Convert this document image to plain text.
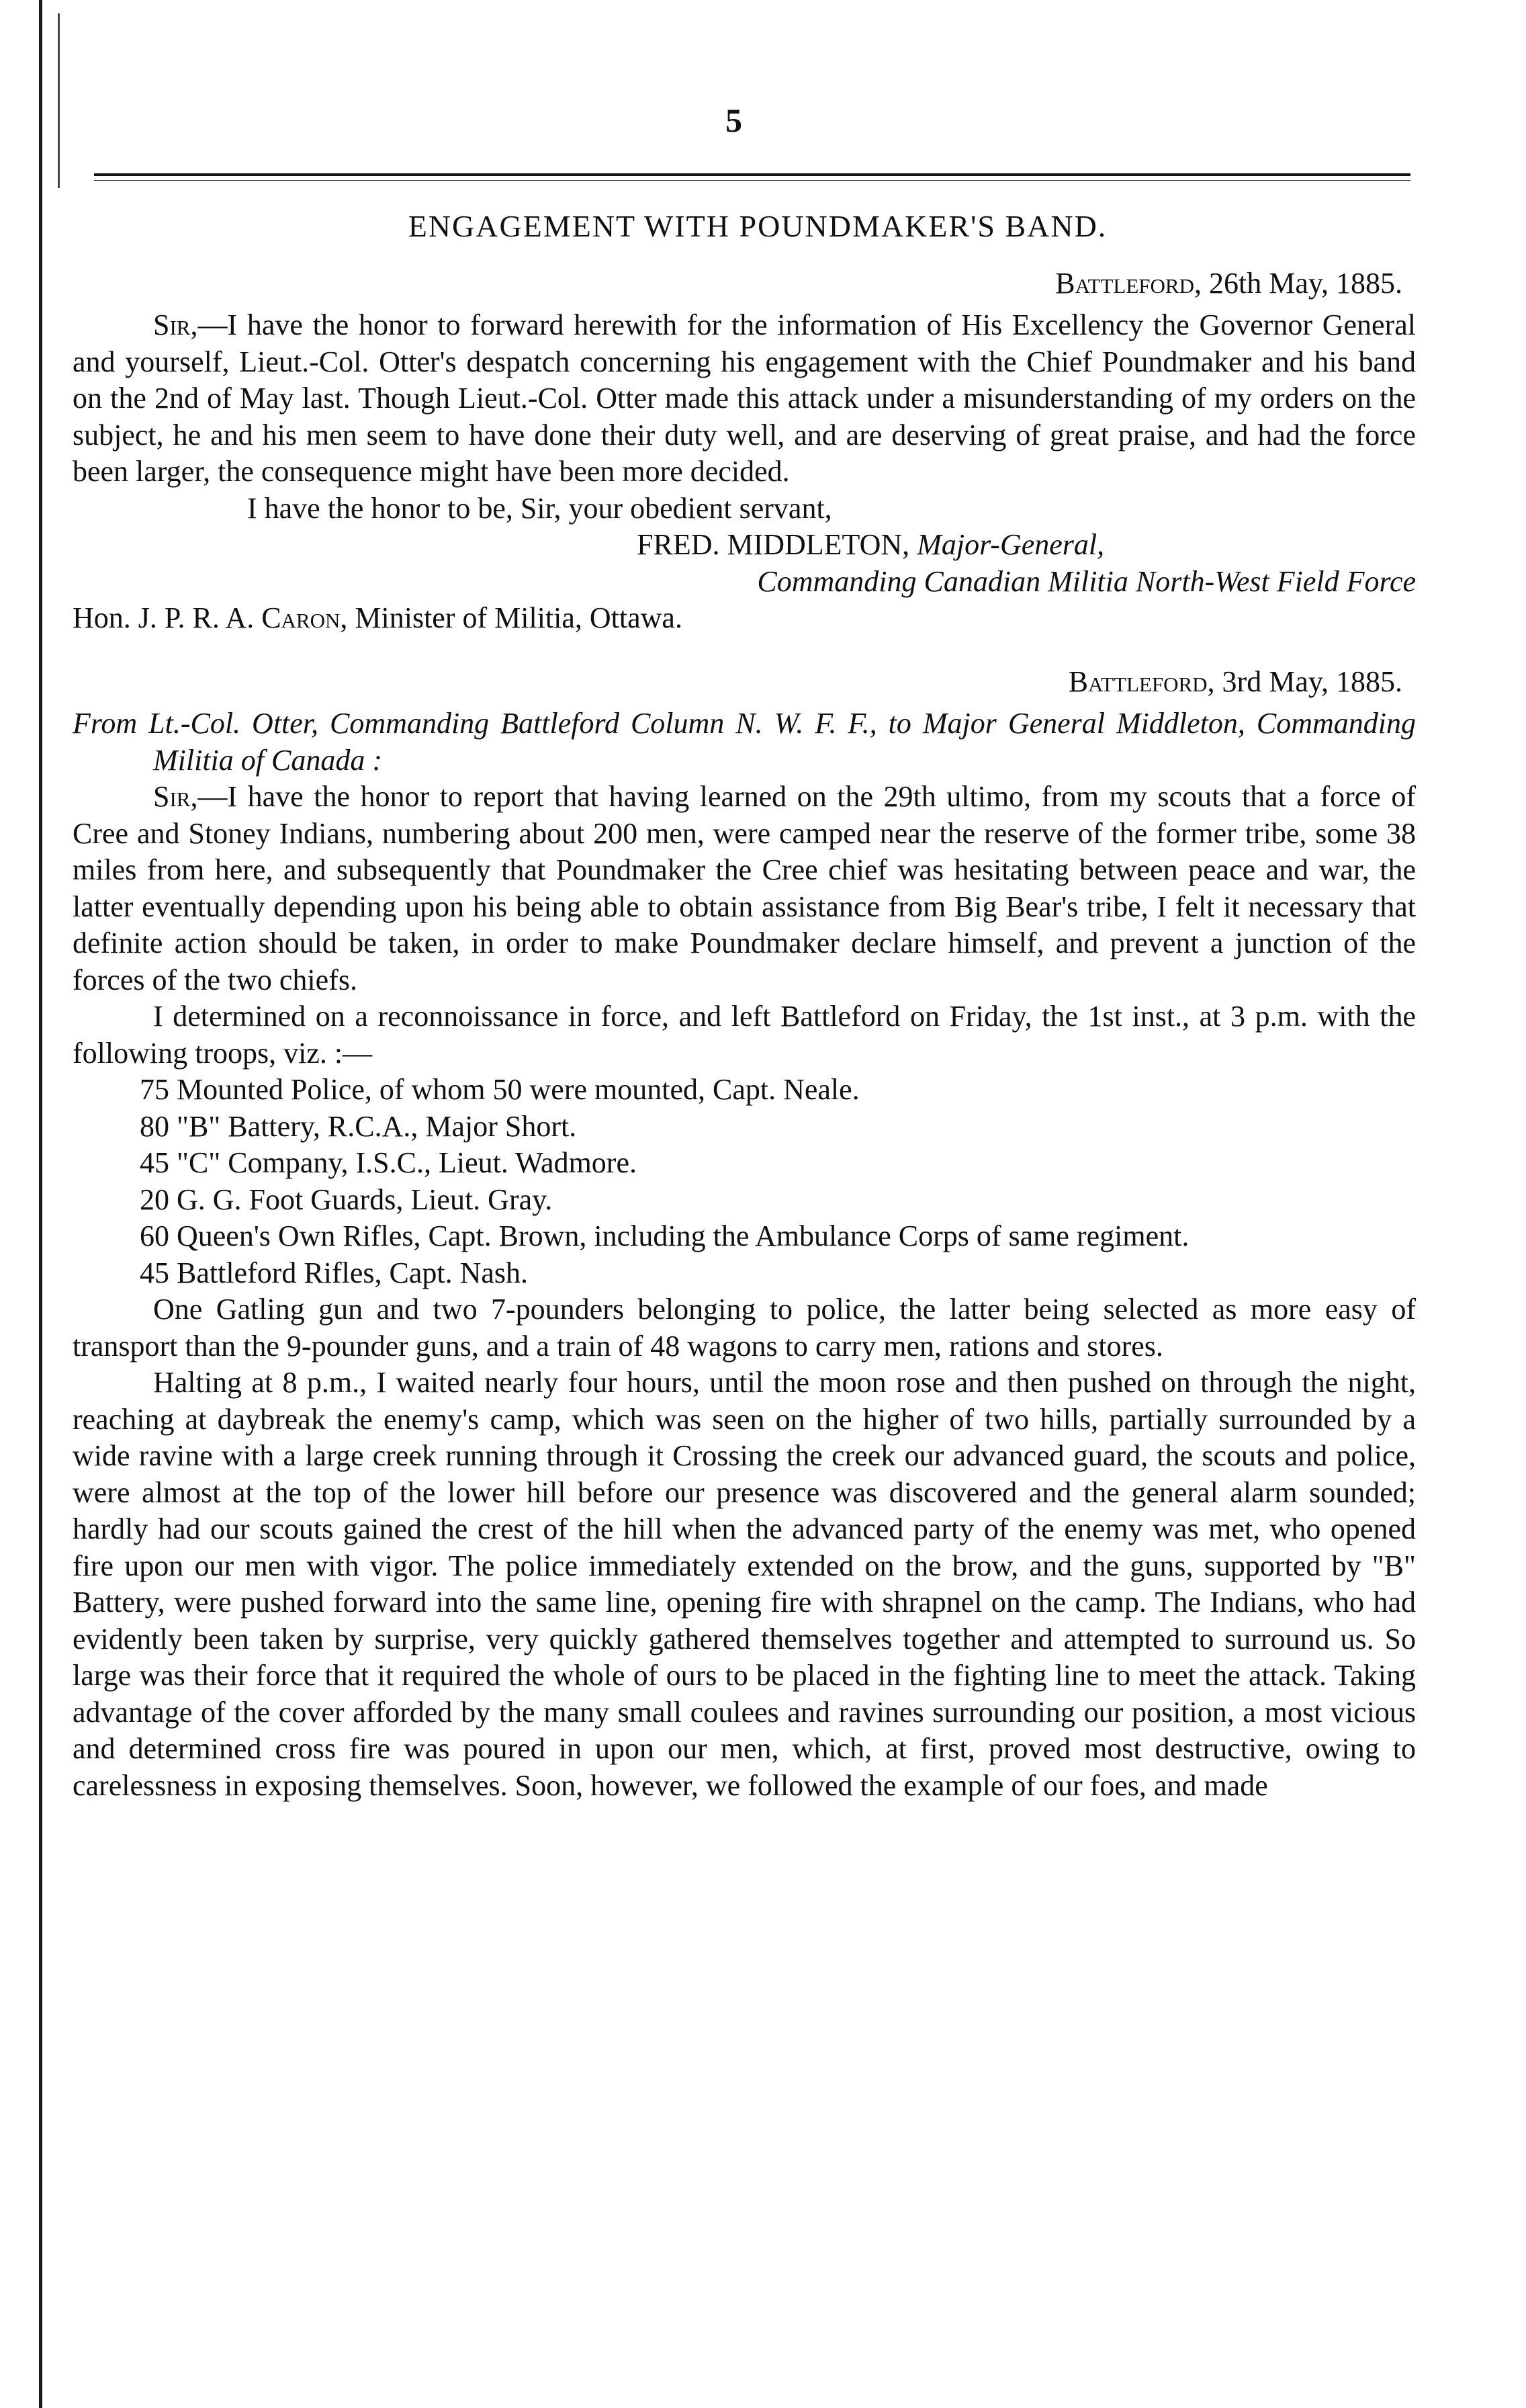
5
ENGAGEMENT WITH POUNDMAKER'S BAND.
Battleford, 26th May, 1885.
Sir,—I have the honor to forward herewith for the information of His Excellency the Governor General and yourself, Lieut.-Col. Otter's despatch concerning his engagement with the Chief Poundmaker and his band on the 2nd of May last. Though Lieut.-Col. Otter made this attack under a misunderstanding of my orders on the subject, he and his men seem to have done their duty well, and are deserving of great praise, and had the force been larger, the consequence might have been more decided.
I have the honor to be, Sir, your obedient servant,
FRED. MIDDLETON, Major-General,
Commanding Canadian Militia North-West Field Force
Hon. J. P. R. A. Caron, Minister of Militia, Ottawa.
Battleford, 3rd May, 1885.
From Lt.-Col. Otter, Commanding Battleford Column N. W. F. F., to Major General Middleton, Commanding Militia of Canada :
Sir,—I have the honor to report that having learned on the 29th ultimo, from my scouts that a force of Cree and Stoney Indians, numbering about 200 men, were camped near the reserve of the former tribe, some 38 miles from here, and subsequently that Poundmaker the Cree chief was hesitating between peace and war, the latter eventually depending upon his being able to obtain assistance from Big Bear's tribe, I felt it necessary that definite action should be taken, in order to make Poundmaker declare himself, and prevent a junction of the forces of the two chiefs.
I determined on a reconnoissance in force, and left Battleford on Friday, the 1st inst., at 3 p.m. with the following troops, viz. :—
75 Mounted Police, of whom 50 were mounted, Capt. Neale.
80 "B" Battery, R.C.A., Major Short.
45 "C" Company, I.S.C., Lieut. Wadmore.
20 G. G. Foot Guards, Lieut. Gray.
60 Queen's Own Rifles, Capt. Brown, including the Ambulance Corps of same regiment.
45 Battleford Rifles, Capt. Nash.
One Gatling gun and two 7-pounders belonging to police, the latter being selected as more easy of transport than the 9-pounder guns, and a train of 48 wagons to carry men, rations and stores.
Halting at 8 p.m., I waited nearly four hours, until the moon rose and then pushed on through the night, reaching at daybreak the enemy's camp, which was seen on the higher of two hills, partially surrounded by a wide ravine with a large creek running through it Crossing the creek our advanced guard, the scouts and police, were almost at the top of the lower hill before our presence was discovered and the general alarm sounded; hardly had our scouts gained the crest of the hill when the advanced party of the enemy was met, who opened fire upon our men with vigor. The police immediately extended on the brow, and the guns, supported by "B" Battery, were pushed forward into the same line, opening fire with shrapnel on the camp. The Indians, who had evidently been taken by surprise, very quickly gathered themselves together and attempted to surround us. So large was their force that it required the whole of ours to be placed in the fighting line to meet the attack. Taking advantage of the cover afforded by the many small coulees and ravines surrounding our position, a most vicious and determined cross fire was poured in upon our men, which, at first, proved most destructive, owing to carelessness in exposing themselves. Soon, however, we followed the example of our foes, and made
